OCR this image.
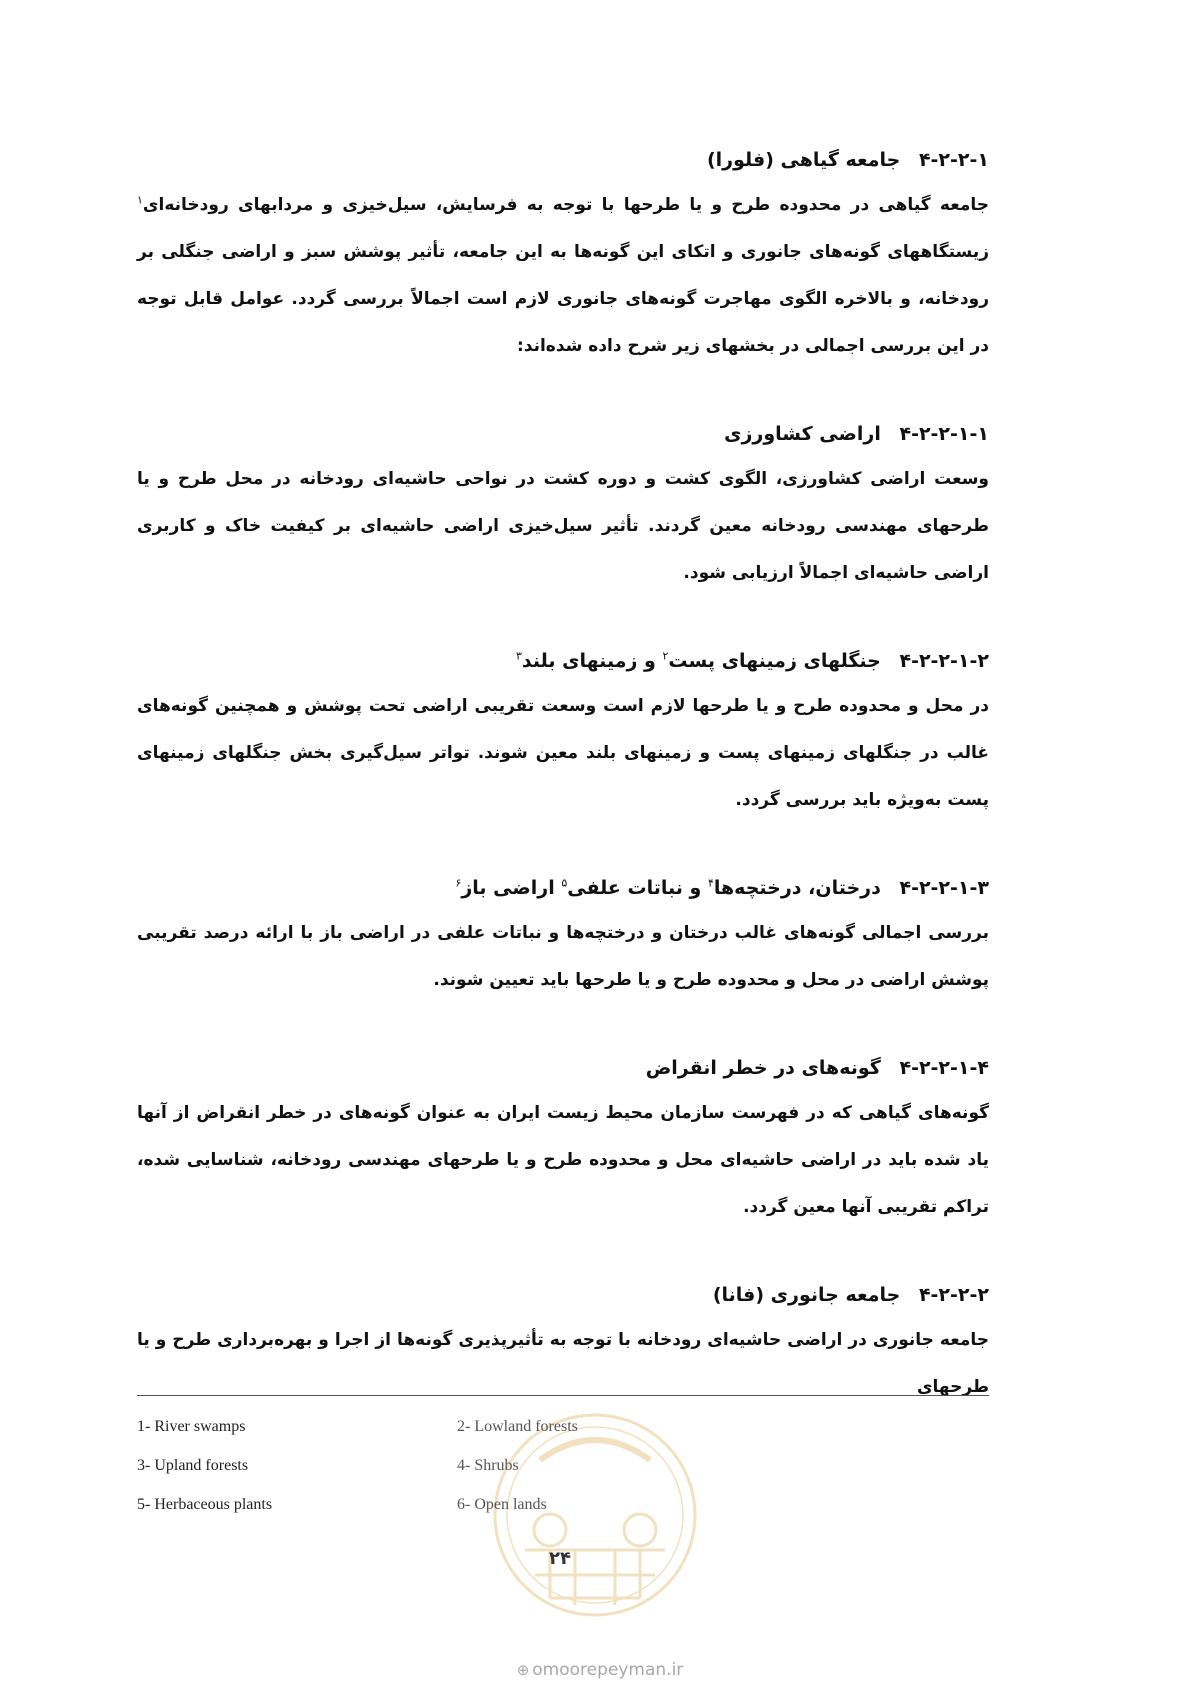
۴-۲-۲-۱ جامعه گیاهی (فلورا)
جامعه گیاهی در محدوده طرح و یا طرحها با توجه به فرسایش، سیل‌خیزی و مردابهای رودخانه‌ای$^۱$ زیستگاههای گونه‌های جانوری و اتکای این گونه‌ها به این جامعه، تأثیر پوشش سبز و اراضی جنگلی بر رودخانه، و بالاخره الگوی مهاجرت گونه‌های جانوری لازم است اجمالاً بررسی گردد. عوامل قابل توجه در این بررسی اجمالی در بخشهای زیر شرح داده شده‌اند:
۴-۲-۲-۱-۱ اراضی کشاورزی
وسعت اراضی کشاورزی، الگوی کشت و دوره کشت در نواحی حاشیه‌ای رودخانه در محل طرح و یا طرحهای مهندسی رودخانه معین گردند. تأثیر سیل‌خیزی اراضی حاشیه‌ای بر کیفیت خاک و کاربری اراضی حاشیه‌ای اجمالاً ارزیابی شود.
۴-۲-۲-۱-۲ جنگلهای زمینهای پست$^۲$ و زمینهای بلند$^۳$
در محل و محدوده طرح و یا طرحها لازم است وسعت تقریبی اراضی تحت پوشش و همچنین گونه‌های غالب در جنگلهای زمینهای پست و زمینهای بلند معین شوند. تواتر سیل‌گیری بخش جنگلهای زمینهای پست به‌ویژه باید بررسی گردد.
۴-۲-۲-۱-۳ درختان، درختچه‌ها$^۴$ و نباتات علفی$^۵$ اراضی باز$^۶$
بررسی اجمالی گونه‌های غالب درختان و درختچه‌ها و نباتات علفی در اراضی باز با ارائه درصد تقریبی پوشش اراضی در محل و محدوده طرح و یا طرحها باید تعیین شوند.
۴-۲-۲-۱-۴ گونه‌های در خطر انقراض
گونه‌های گیاهی که در فهرست سازمان محیط زیست ایران به عنوان گونه‌های در خطر انقراض از آنها یاد شده باید در اراضی حاشیه‌ای محل و محدوده طرح و یا طرحهای مهندسی رودخانه، شناسایی شده، تراکم تقریبی آنها معین گردد.
۴-۲-۲-۲ جامعه جانوری (فانا)
جامعه جانوری در اراضی حاشیه‌ای رودخانه با توجه به تأثیرپذیری گونه‌ها از اجرا و بهره‌برداری طرح و یا طرحهای
1- River swamps	2- Lowland forests
3- Upland forests	4- Shrubs
5- Herbaceous plants	6- Open lands
۲۴
⊕ omoorepeyman.ir
